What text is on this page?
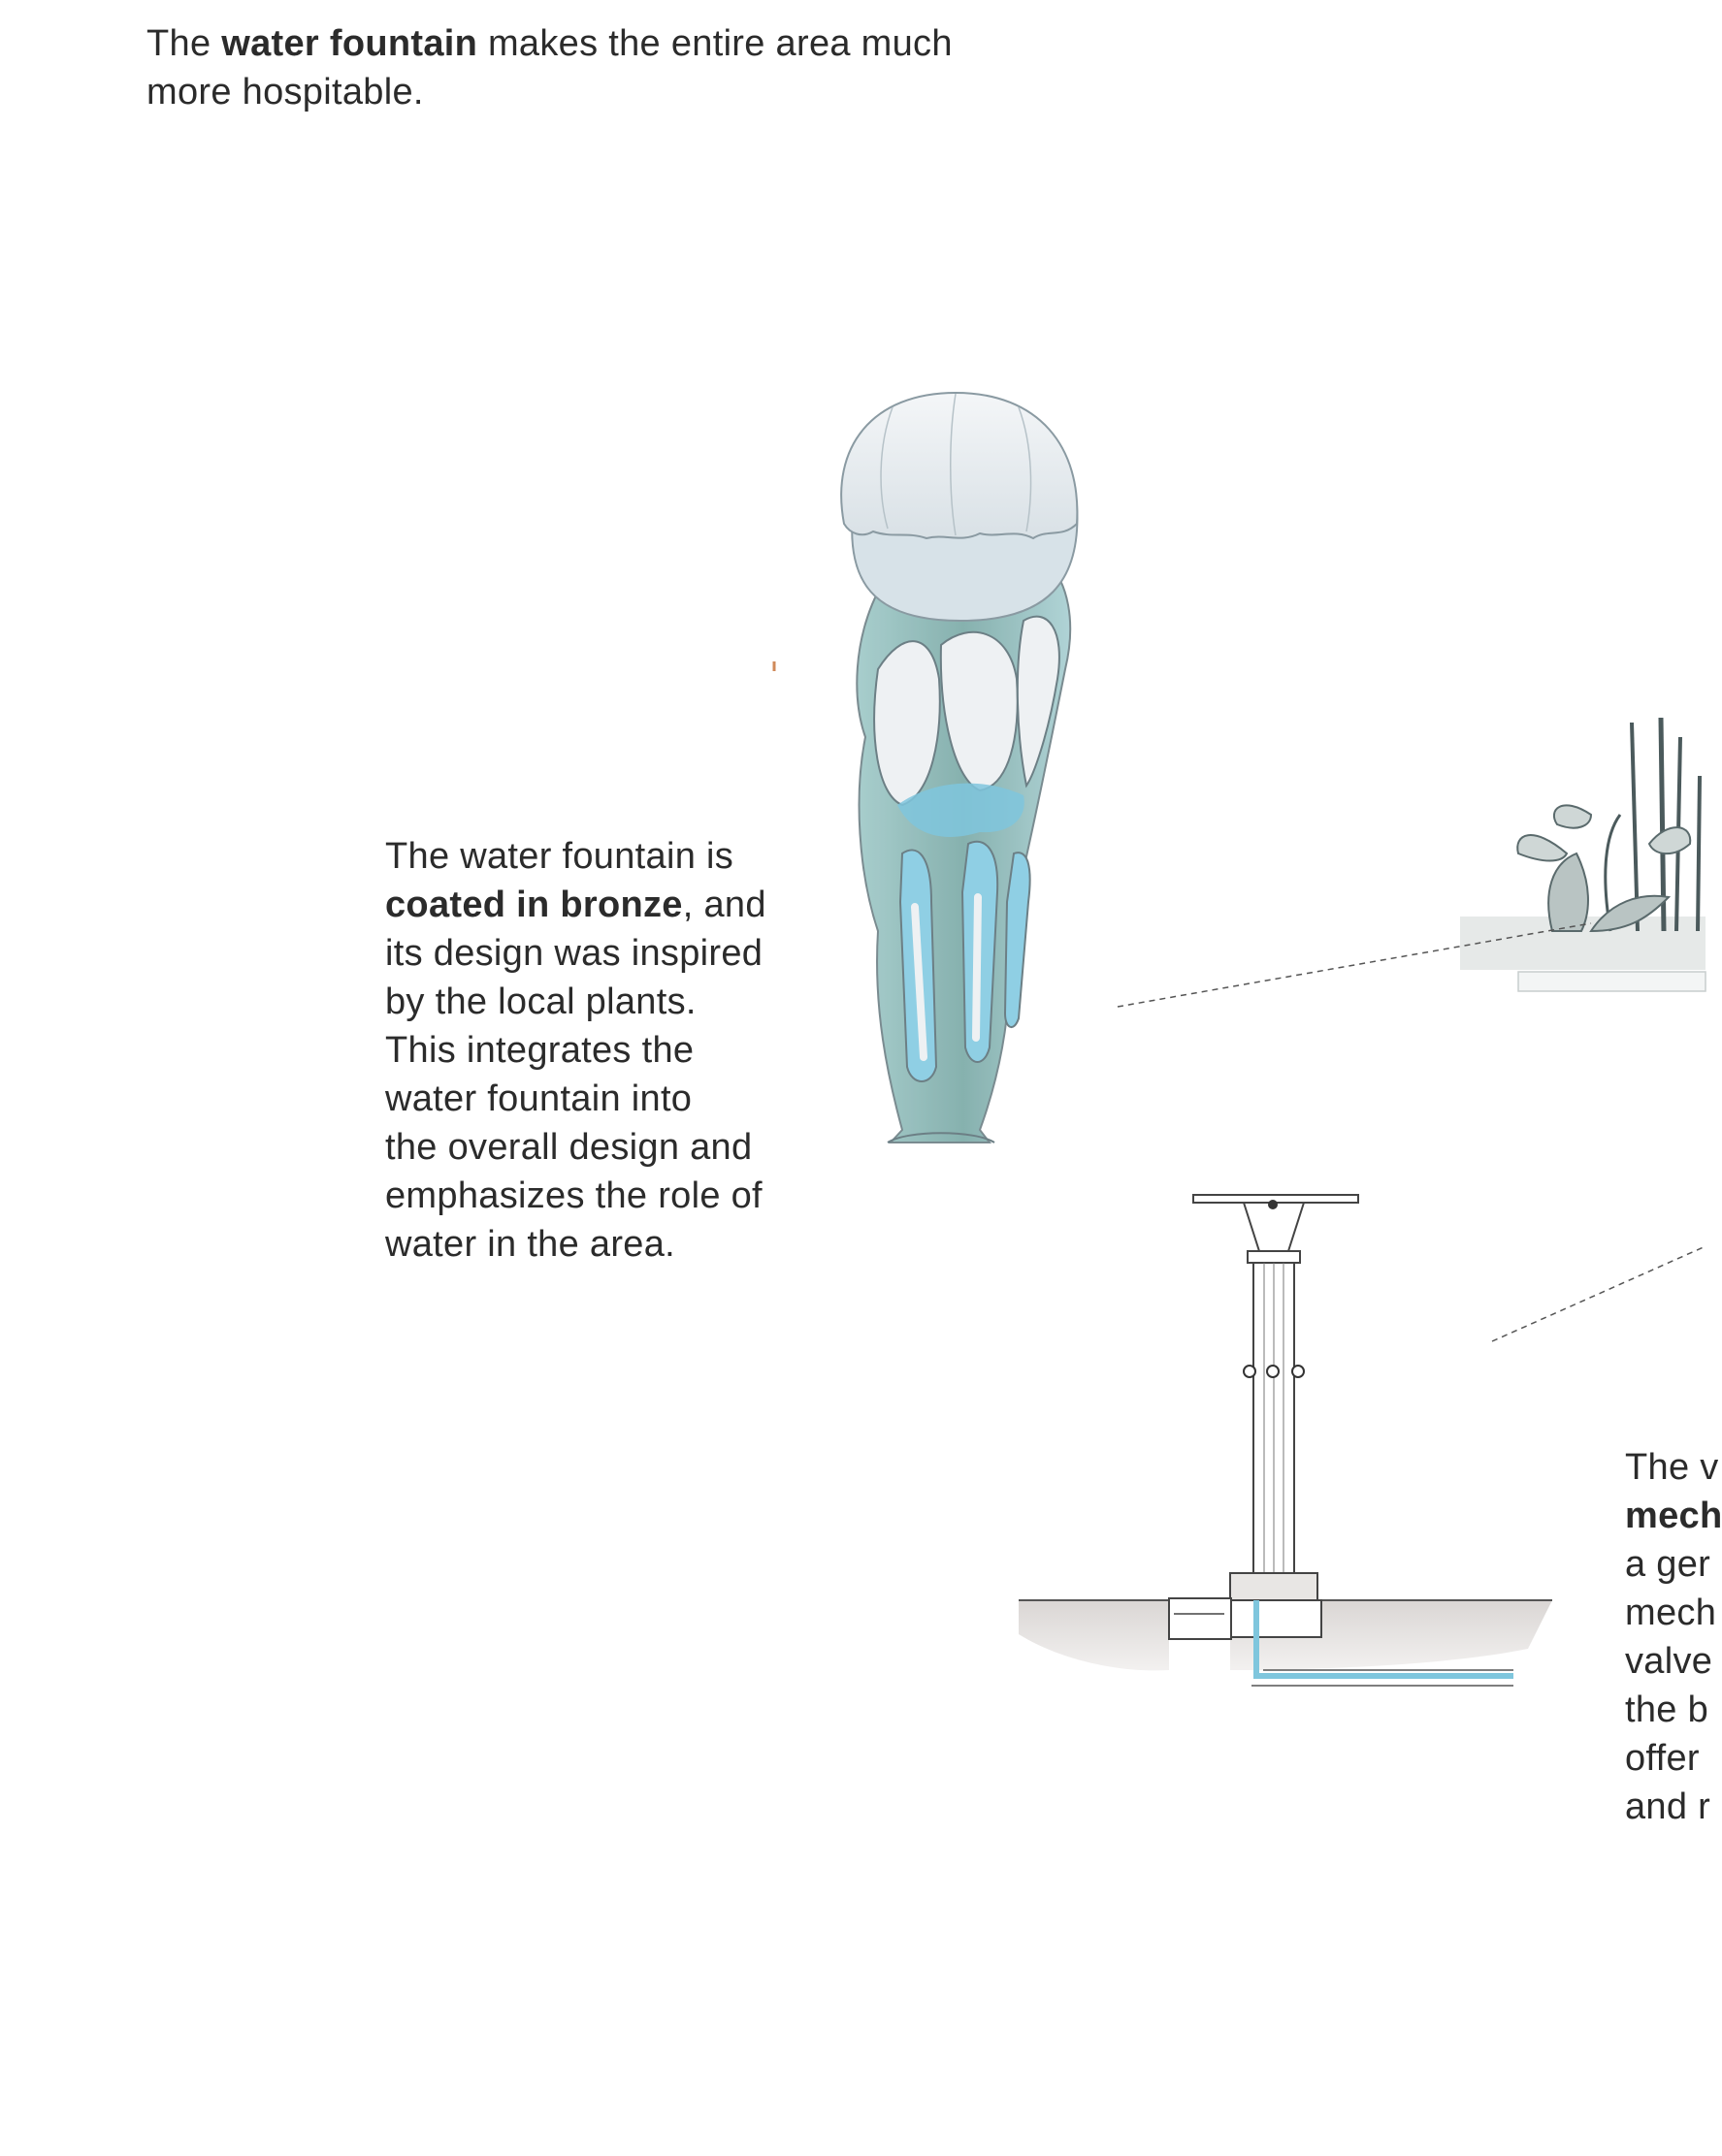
The water fountain makes the entire area much
more hospitable.
The water fountain is
coated in bronze, and
its design was inspired
by the local plants.
This integrates the
water fountain into
the overall design and
emphasizes the role of
water in the area.
The v
mech
a ger
mech
valve
the b
offer
and r
